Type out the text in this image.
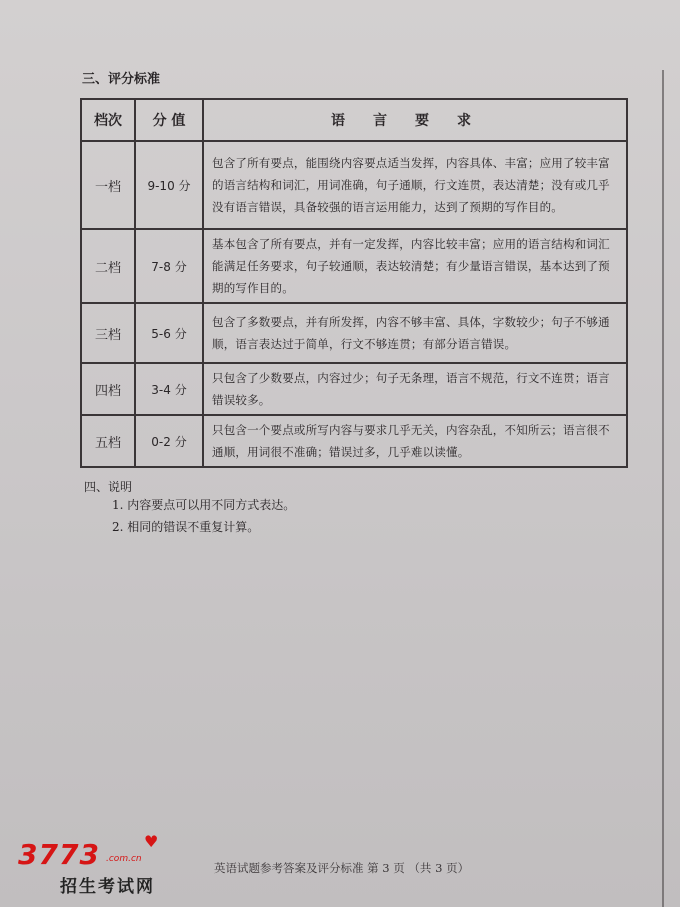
三、评分标准
档次	分 值	语言要求
一档	9-10 分	包含了所有要点，能围绕内容要点适当发挥，内容具体、丰富；应用了较丰富的语言结构和词汇，用词准确，句子通顺，行文连贯，表达清楚；没有或几乎没有语言错误，具备较强的语言运用能力，达到了预期的写作目的。
二档	7-8 分	基本包含了所有要点，并有一定发挥，内容比较丰富；应用的语言结构和词汇能满足任务要求，句子较通顺，表达较清楚；有少量语言错误，基本达到了预期的写作目的。
三档	5-6 分	包含了多数要点，并有所发挥，内容不够丰富、具体，字数较少；句子不够通顺，语言表达过于简单，行文不够连贯；有部分语言错误。
四档	3-4 分	只包含了少数要点，内容过少；句子无条理，语言不规范，行文不连贯；语言错误较多。
五档	0-2 分	只包含一个要点或所写内容与要求几乎无关，内容杂乱，不知所云；语言很不通顺，用词很不准确；错误过多，几乎难以读懂。
四、说明
1. 内容要点可以用不同方式表达。
2. 相同的错误不重复计算。
英语试题参考答案及评分标准 第 3 页 （共 3 页）
3773 .com.cn
♥
招生考试网
